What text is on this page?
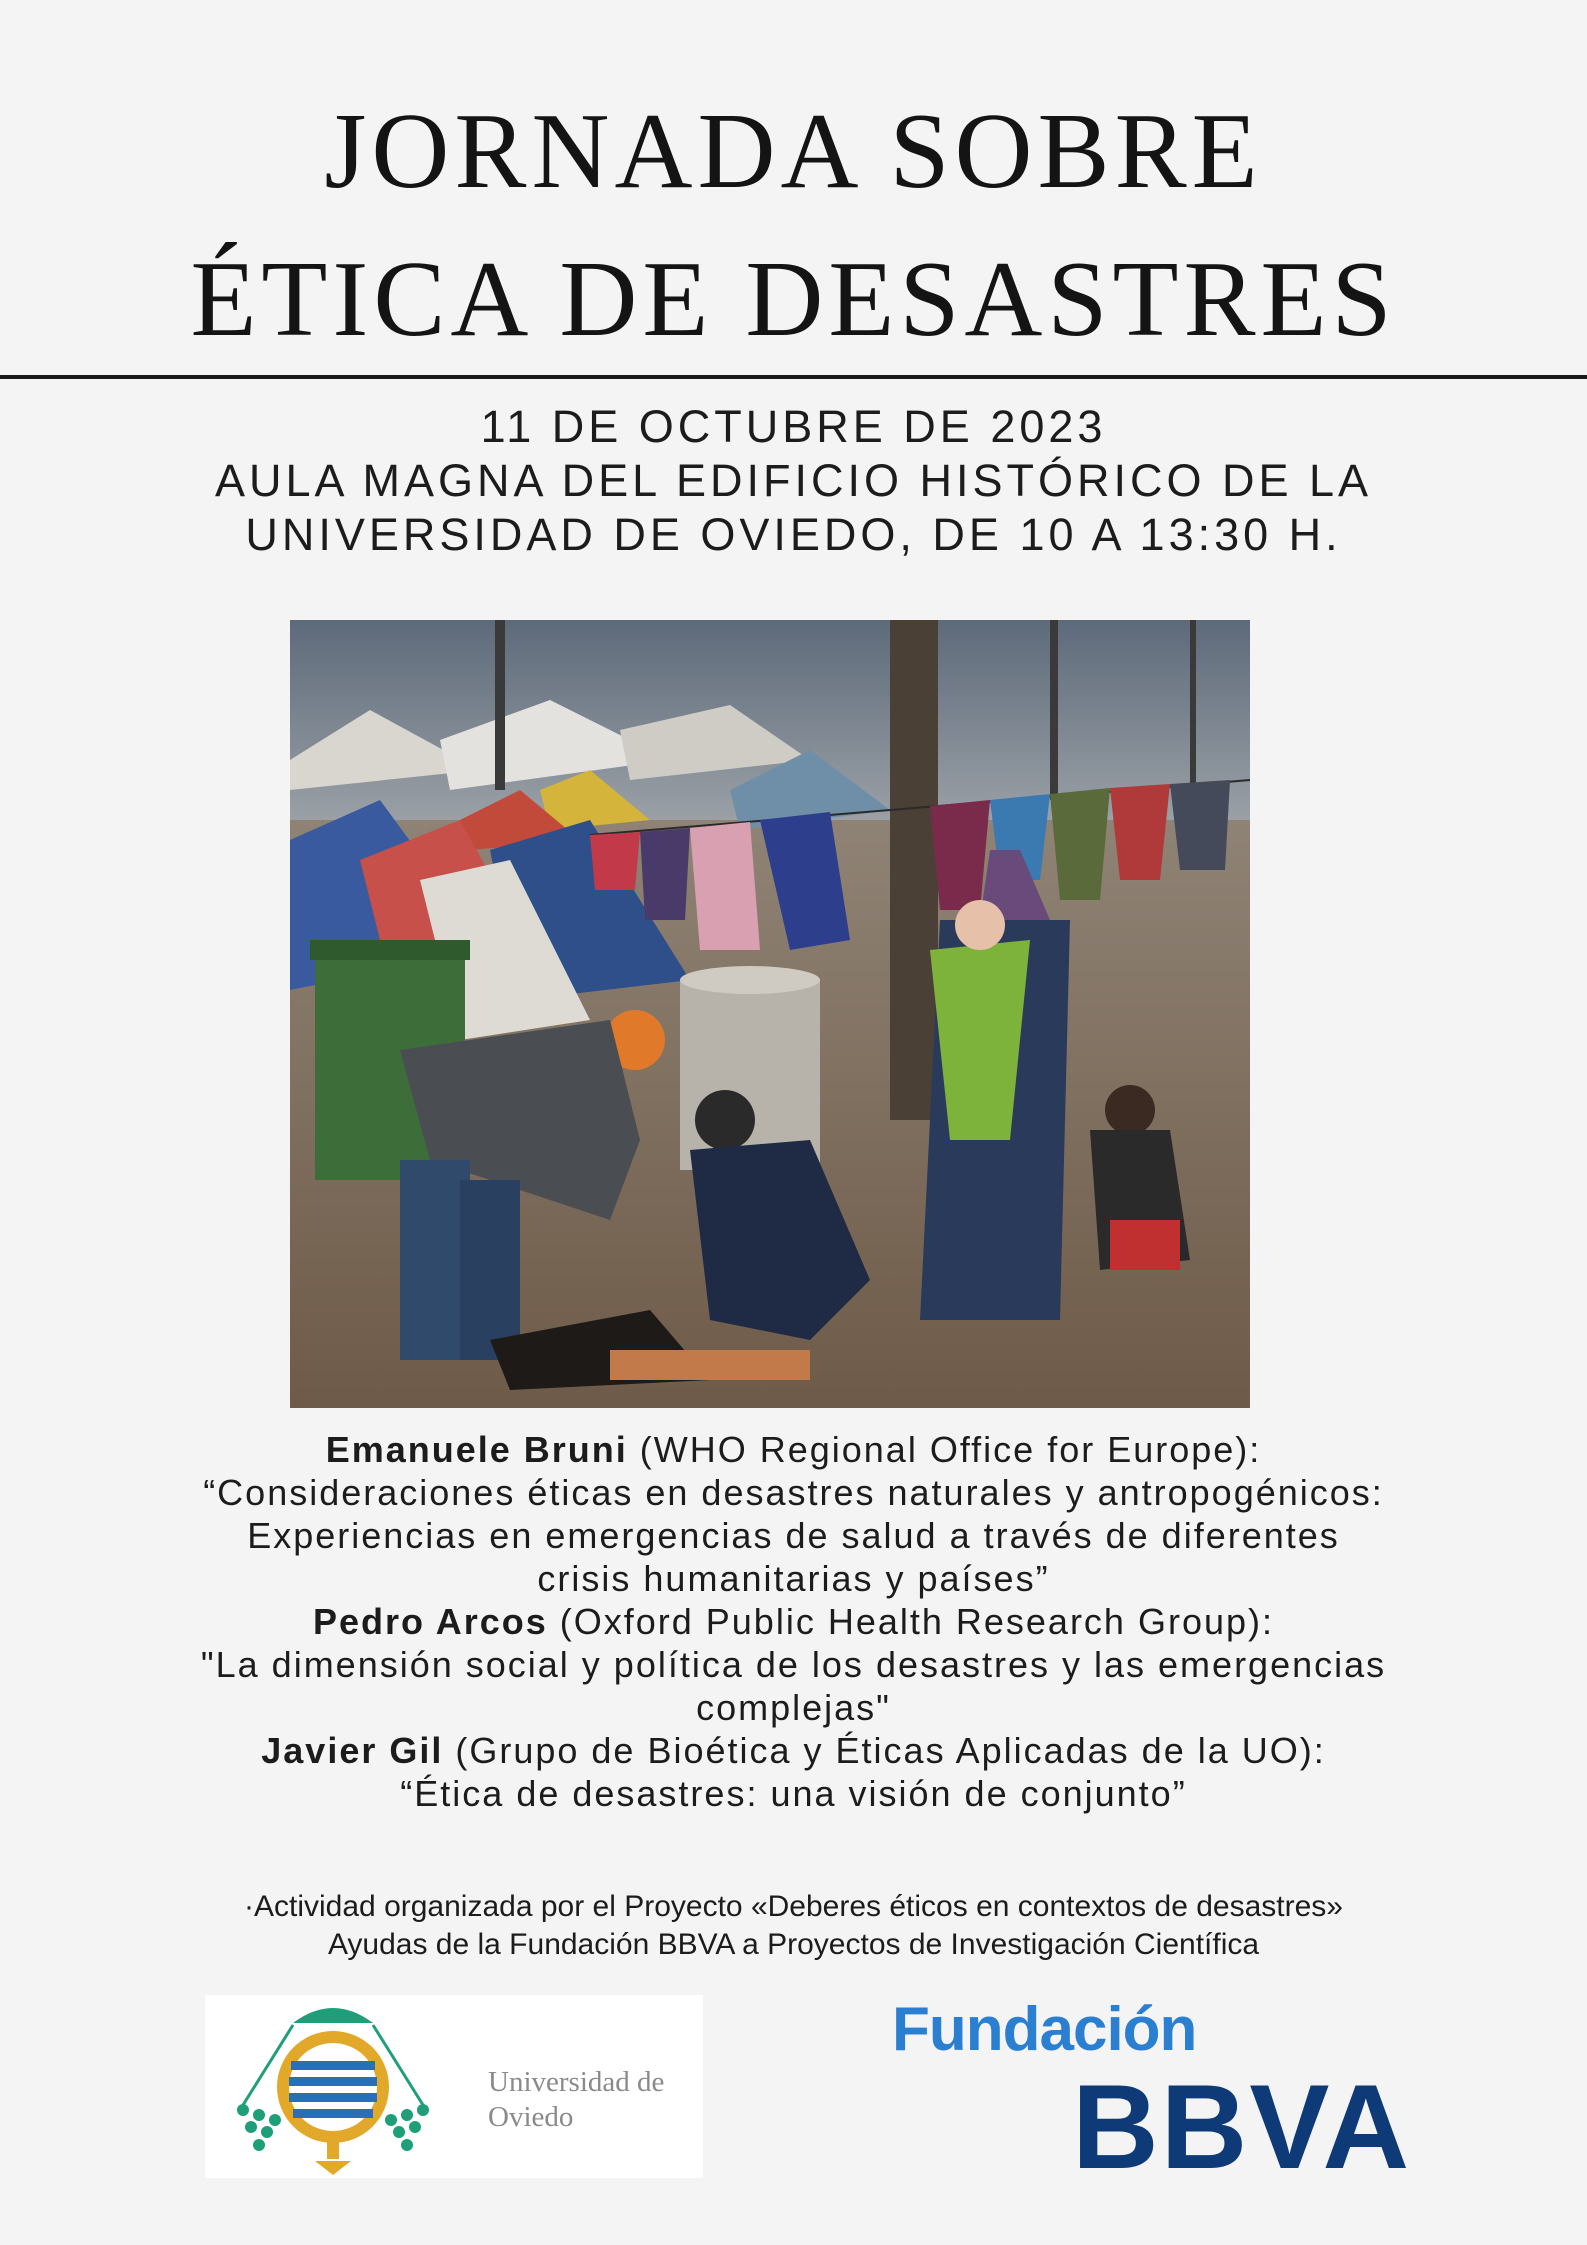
JORNADA SOBRE
ÉTICA DE DESASTRES
11 DE OCTUBRE DE 2023
AULA MAGNA DEL EDIFICIO HISTÓRICO DE LA
UNIVERSIDAD DE OVIEDO, DE 10 A 13:30 H.
Emanuele Bruni (WHO Regional Office for Europe):
“Consideraciones éticas en desastres naturales y antropogénicos:
Experiencias en emergencias de salud a través de diferentes
crisis humanitarias y países”
Pedro Arcos (Oxford Public Health Research Group):
"La dimensión social y política de los desastres y las emergencias
complejas"
Javier Gil (Grupo de Bioética y Éticas Aplicadas de la UO):
“Ética de desastres: una visión de conjunto”
·Actividad organizada por el Proyecto «Deberes éticos en contextos de desastres»
Ayudas de la Fundación BBVA a Proyectos de Investigación Científica
Universidad de
Oviedo
Fundación
BBVA
